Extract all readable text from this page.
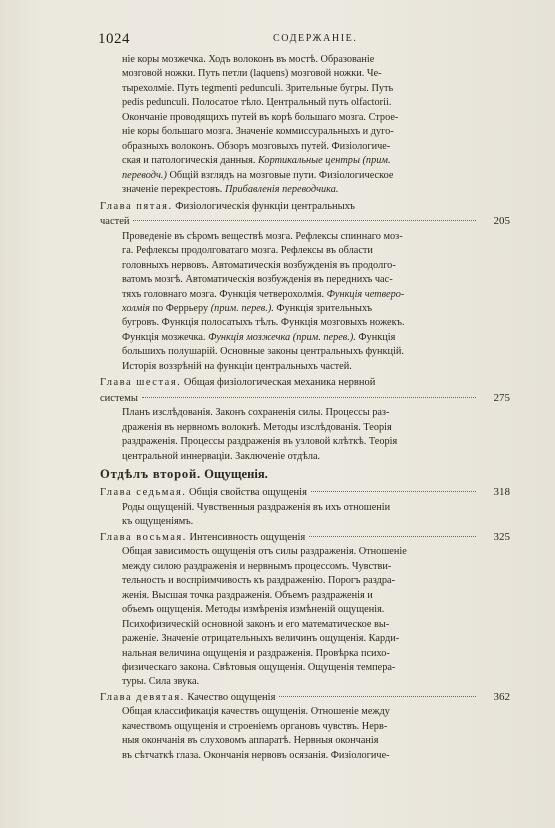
1024	СОДЕРЖАНІЕ.
ніе коры мозжечка. Ходъ волоконъ въ мостѣ. Образованіе
мозговой ножки. Путь петли (laquens) мозговой ножки. Че-
тырехолміе. Путь tegmenti pedunculi. Зрительные бугры. Путь
pedis pedunculi. Полосатое тѣло. Центральный путь olfactorii.
Окончаніе проводящихъ путей въ корѣ большаго мозга. Строе-
ніе коры большаго мозга. Значеніе коммиссуральныхъ и дуго-
образныхъ волоконъ. Обзоръ мозговыхъ путей. Физіологиче-
ская и патологическія данныя. Кортикальные центры (прим.
переводч.) Общій взглядъ на мозговые пути. Физіологическое
значеніе перекрестовъ. Прибавленія переводчика.
Глава пятая. Физіологическія функціи центральныхъ
частей	205
Проведеніе въ сѣромъ веществѣ мозга. Рефлексы спиннаго моз-
га. Рефлексы продолговатаго мозга. Рефлексы въ области
головныхъ нервовъ. Автоматическія возбужденія въ продолго-
ватомъ мозгѣ. Автоматическія возбужденія въ переднихъ час-
тяхъ головнаго мозга. Функція четверохолмія. Функція четверо-
холмія по Феррьеру (прим. перев.). Функція зрительныхъ
бугровъ. Функція полосатыхъ тѣлъ. Функція мозговыхъ ножекъ.
Функція мозжечка. Функція мозжечка (прим. перев.). Функція
большихъ полушарій. Основные законы центральныхъ функцій.
Исторія воззрѣній на функціи центральныхъ частей.
Глава шестая. Общая физіологическая механика нервной
системы	275
Планъ изслѣдованія. Законъ сохраненія силы. Процессы раз-
драженія въ нервномъ волокнѣ. Методы изслѣдованія. Теорія
раздраженія. Процессы раздраженія въ узловой клѣткѣ. Теорія
центральной иннерваціи. Заключеніе отдѣла.
Отдѣлъ второй. Ощущенія.
Глава седьмая. Общія свойства ощущенія	318
Роды ощущеній. Чувственныя раздраженія въ ихъ отношеніи
къ ощущеніямъ.
Глава восьмая. Интенсивность ощущенія	325
Общая зависимость ощущенія отъ силы раздраженія. Отношеніе
между силою раздраженія и нервнымъ процессомъ. Чувстви-
тельность и воспріимчивость къ раздраженію. Порогъ раздра-
женія. Высшая точка раздраженія. Объемъ раздраженія и
объемъ ощущенія. Методы измѣренія измѣненій ощущенія.
Психофизическій основной законъ и его математическое вы-
раженіе. Значеніе отрицательныхъ величинъ ощущенія. Карди-
нальная величина ощущенія и раздраженія. Провѣрка психо-
физическаго закона. Свѣтовыя ощущенія. Ощущенія темпера-
туры. Сила звука.
Глава девятая. Качество ощущенія	362
Общая классификація качествъ ощущенія. Отношеніе между
качествомъ ощущенія и строеніемъ органовъ чувствъ. Нерв-
ныя окончанія въ слуховомъ аппаратѣ. Нервныя окончанія
въ сѣтчаткѣ глаза. Окончанія нервовъ осязанія. Физіологиче-
